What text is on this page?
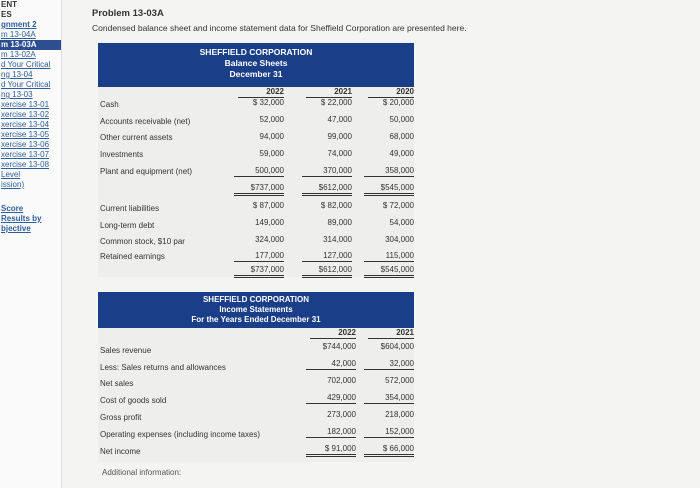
ENT
ES
gnment 2
m 13-04A
m 13-03A
m 13-02A
d Your Critical
ng 13-04
d Your Critical
ng 13-03
xercise 13-01
xercise 13-02
xercise 13-04
xercise 13-05
xercise 13-06
xercise 13-07
xercise 13-08
Level
ission)
Score
Results by
bjective
Problem 13-03A
Condensed balance sheet and income statement data for Sheffield Corporation are presented here.
SHEFFIELD CORPORATION
Balance Sheets
December 31
2022	2021	2020
Cash	$ 32,000	$ 22,000	$ 20,000
Accounts receivable (net)	52,000	47,000	50,000
Other current assets	94,000	99,000	68,000
Investments	59,000	74,000	49,000
Plant and equipment (net)	500,000	370,000	358,000
$737,000	$612,000	$545,000
Current liabilities	$ 87,000	$ 82,000	$ 72,000
Long-term debt	149,000	89,000	54,000
Common stock, $10 par	324,000	314,000	304,000
Retained earnings	177,000	127,000	115,000
$737,000	$612,000	$545,000
SHEFFIELD CORPORATION
Income Statements
For the Years Ended December 31
2022	2021
Sales revenue	$744,000	$604,000
Less: Sales returns and allowances	42,000	32,000
Net sales	702,000	572,000
Cost of goods sold	429,000	354,000
Gross profit	273,000	218,000
Operating expenses (including income taxes)	182,000	152,000
Net income	$ 91,000	$ 66,000
Additional information:
